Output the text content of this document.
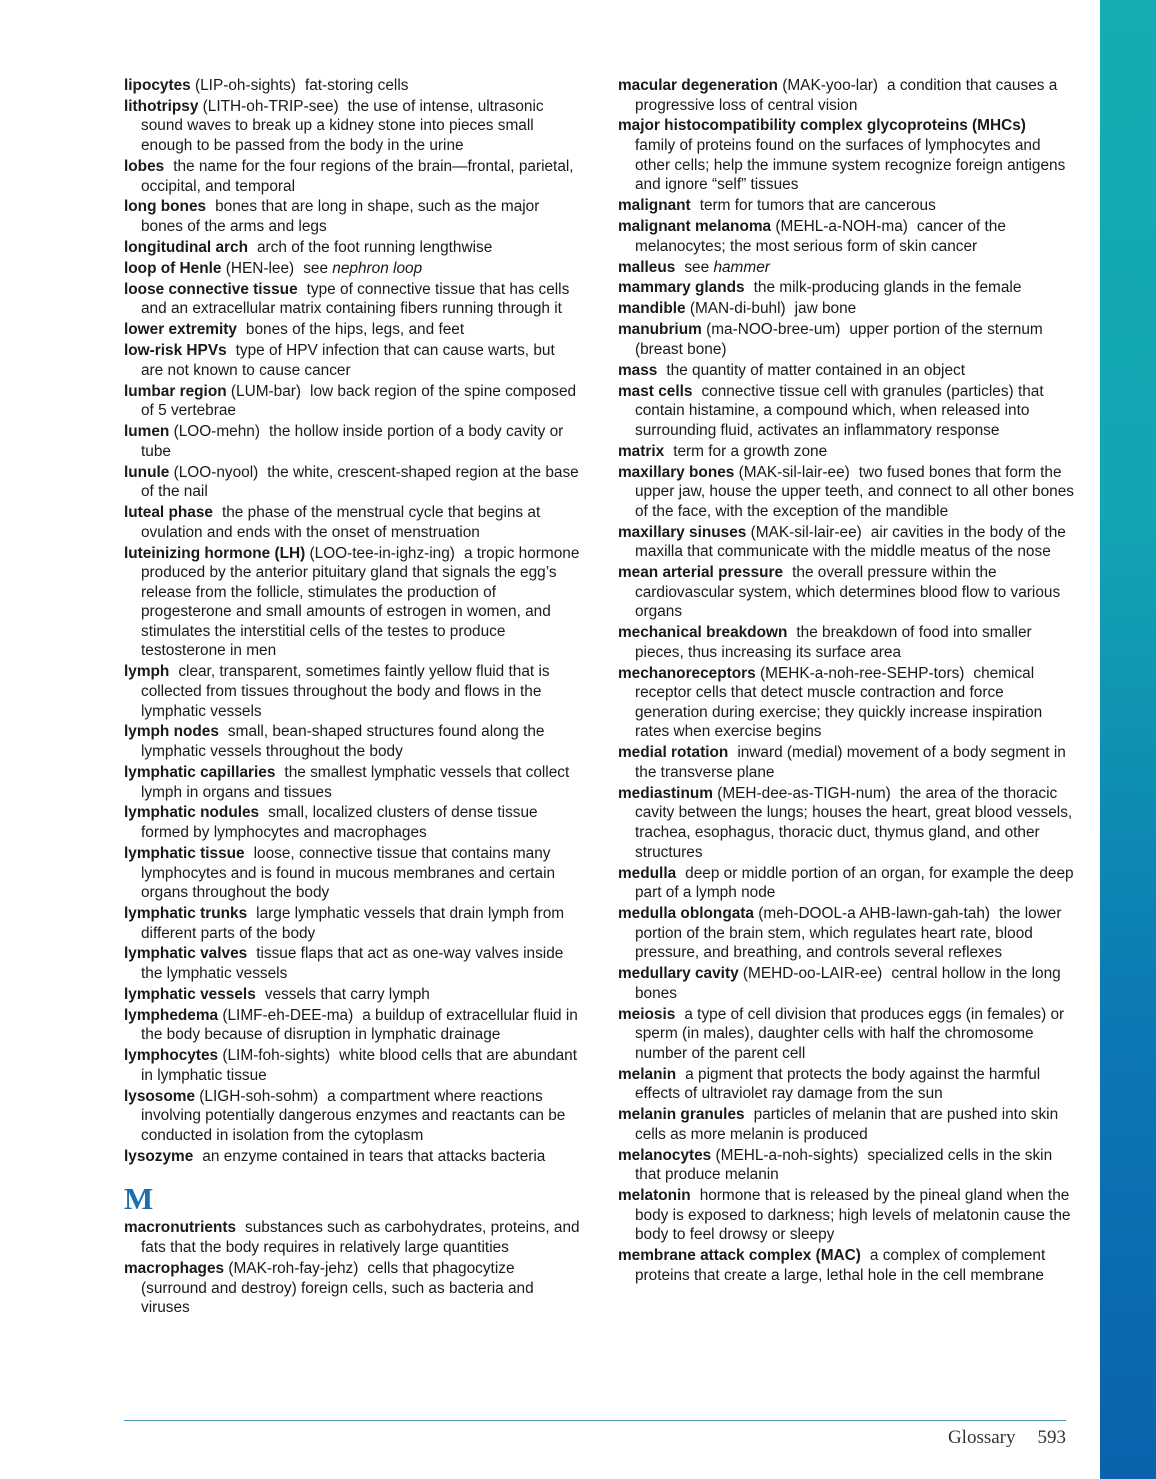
lipocytes (LIP-oh-sights) fat-storing cells
lithotripsy (LITH-oh-TRIP-see) the use of intense, ultrasonic sound waves to break up a kidney stone into pieces small enough to be passed from the body in the urine
lobes the name for the four regions of the brain—frontal, parietal, occipital, and temporal
long bones bones that are long in shape, such as the major bones of the arms and legs
longitudinal arch arch of the foot running lengthwise
loop of Henle (HEN-lee) see nephron loop
loose connective tissue type of connective tissue that has cells and an extracellular matrix containing fibers running through it
lower extremity bones of the hips, legs, and feet
low-risk HPVs type of HPV infection that can cause warts, but are not known to cause cancer
lumbar region (LUM-bar) low back region of the spine composed of 5 vertebrae
lumen (LOO-mehn) the hollow inside portion of a body cavity or tube
lunule (LOO-nyool) the white, crescent-shaped region at the base of the nail
luteal phase the phase of the menstrual cycle that begins at ovulation and ends with the onset of menstruation
luteinizing hormone (LH) (LOO-tee-in-ighz-ing) a tropic hormone produced by the anterior pituitary gland that signals the egg’s release from the follicle, stimulates the production of progesterone and small amounts of estrogen in women, and stimulates the interstitial cells of the testes to produce testosterone in men
lymph clear, transparent, sometimes faintly yellow fluid that is collected from tissues throughout the body and flows in the lymphatic vessels
lymph nodes small, bean-shaped structures found along the lymphatic vessels throughout the body
lymphatic capillaries the smallest lymphatic vessels that collect lymph in organs and tissues
lymphatic nodules small, localized clusters of dense tissue formed by lymphocytes and macrophages
lymphatic tissue loose, connective tissue that contains many lymphocytes and is found in mucous membranes and certain organs throughout the body
lymphatic trunks large lymphatic vessels that drain lymph from different parts of the body
lymphatic valves tissue flaps that act as one-way valves inside the lymphatic vessels
lymphatic vessels vessels that carry lymph
lymphedema (LIMF-eh-DEE-ma) a buildup of extracellular fluid in the body because of disruption in lymphatic drainage
lymphocytes (LIM-foh-sights) white blood cells that are abundant in lymphatic tissue
lysosome (LIGH-soh-sohm) a compartment where reactions involving potentially dangerous enzymes and reactants can be conducted in isolation from the cytoplasm
lysozyme an enzyme contained in tears that attacks bacteria
M
macronutrients substances such as carbohydrates, proteins, and fats that the body requires in relatively large quantities
macrophages (MAK-roh-fay-jehz) cells that phagocytize (surround and destroy) foreign cells, such as bacteria and viruses
macular degeneration (MAK-yoo-lar) a condition that causes a progressive loss of central vision
major histocompatibility complex glycoproteins (MHCs)family of proteins found on the surfaces of lymphocytes and other cells; help the immune system recognize foreign antigens and ignore “self” tissues
malignant term for tumors that are cancerous
malignant melanoma (MEHL-a-NOH-ma) cancer of the melanocytes; the most serious form of skin cancer
malleus see hammer
mammary glands the milk-producing glands in the female
mandible (MAN-di-buhl) jaw bone
manubrium (ma-NOO-bree-um) upper portion of the sternum (breast bone)
mass the quantity of matter contained in an object
mast cells connective tissue cell with granules (particles) that contain histamine, a compound which, when released into surrounding fluid, activates an inflammatory response
matrix term for a growth zone
maxillary bones (MAK-sil-lair-ee) two fused bones that form the upper jaw, house the upper teeth, and connect to all other bones of the face, with the exception of the mandible
maxillary sinuses (MAK-sil-lair-ee) air cavities in the body of the maxilla that communicate with the middle meatus of the nose
mean arterial pressure the overall pressure within the cardiovascular system, which determines blood flow to various organs
mechanical breakdown the breakdown of food into smaller pieces, thus increasing its surface area
mechanoreceptors (MEHK-a-noh-ree-SEHP-tors) chemical receptor cells that detect muscle contraction and force generation during exercise; they quickly increase inspiration rates when exercise begins
medial rotation inward (medial) movement of a body segment in the transverse plane
mediastinum (MEH-dee-as-TIGH-num) the area of the thoracic cavity between the lungs; houses the heart, great blood vessels, trachea, esophagus, thoracic duct, thymus gland, and other structures
medulla deep or middle portion of an organ, for example the deep part of a lymph node
medulla oblongata (meh-DOOL-a AHB-lawn-gah-tah) the lower portion of the brain stem, which regulates heart rate, blood pressure, and breathing, and controls several reflexes
medullary cavity (MEHD-oo-LAIR-ee) central hollow in the long bones
meiosis a type of cell division that produces eggs (in females) or sperm (in males), daughter cells with half the chromosome number of the parent cell
melanin a pigment that protects the body against the harmful effects of ultraviolet ray damage from the sun
melanin granules particles of melanin that are pushed into skin cells as more melanin is produced
melanocytes (MEHL-a-noh-sights) specialized cells in the skin that produce melanin
melatonin hormone that is released by the pineal gland when the body is exposed to darkness; high levels of melatonin cause the body to feel drowsy or sleepy
membrane attack complex (MAC) a complex of complement proteins that create a large, lethal hole in the cell membrane
Glossary 593
